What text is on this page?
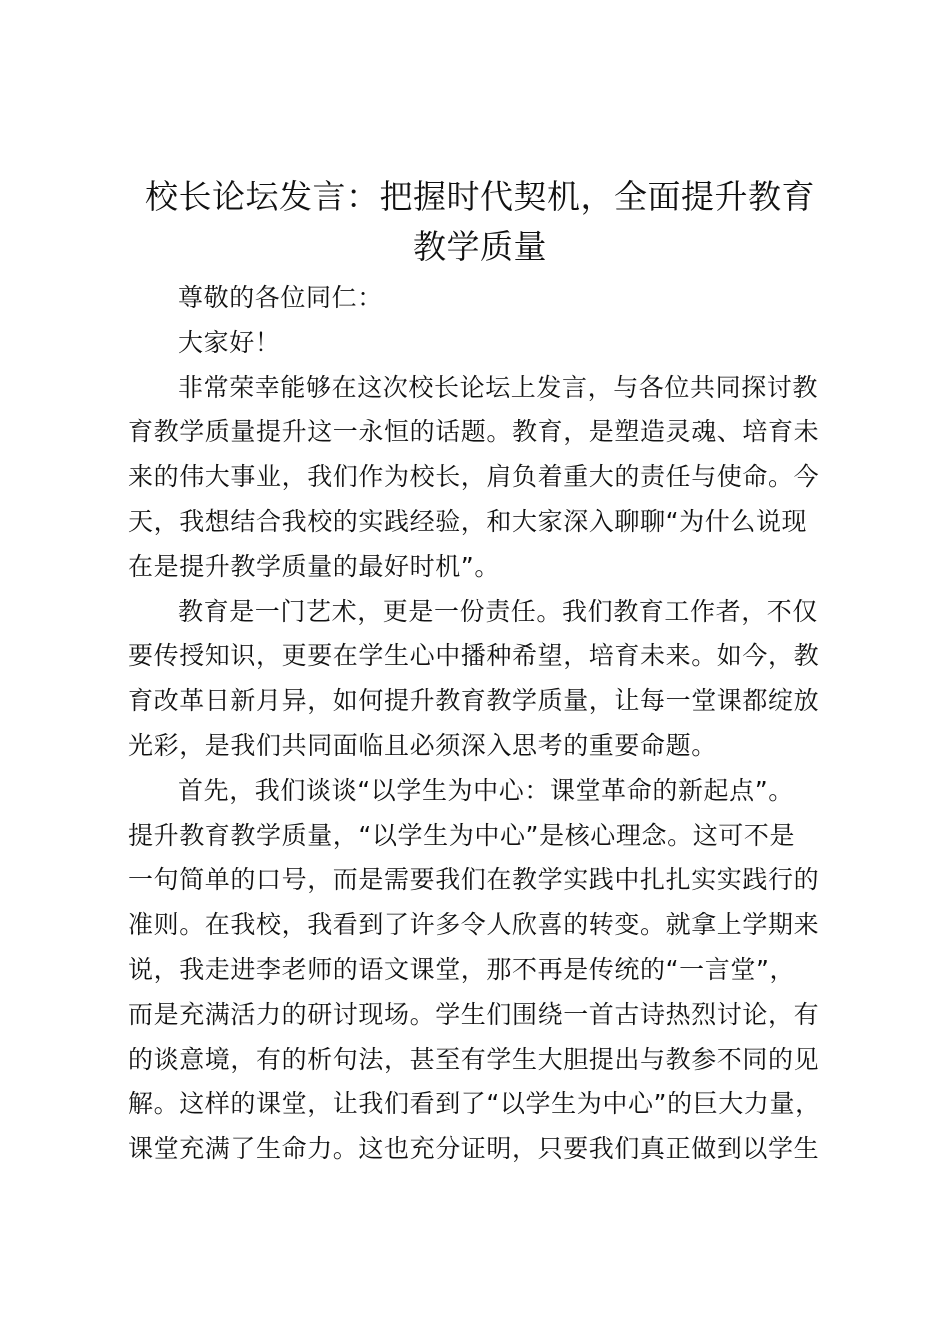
校长论坛发言：把握时代契机，全面提升教育
教学质量

尊敬的各位同仁：

大家好！

非常荣幸能够在这次校长论坛上发言，与各位共同探讨教
育教学质量提升这一永恒的话题。教育，是塑造灵魂、培育未
来的伟大事业，我们作为校长，肩负着重大的责任与使命。今
天，我想结合我校的实践经验，和大家深入聊聊“为什么说现
在是提升教学质量的最好时机”。

教育是一门艺术，更是一份责任。我们教育工作者，不仅
要传授知识，更要在学生心中播种希望，培育未来。如今，教
育改革日新月异，如何提升教育教学质量，让每一堂课都绽放
光彩，是我们共同面临且必须深入思考的重要命题。

首先，我们谈谈“以学生为中心：课堂革命的新起点”。
提升教育教学质量，“以学生为中心”是核心理念。这可不是
一句简单的口号，而是需要我们在教学实践中扎扎实实践行的
准则。在我校，我看到了许多令人欣喜的转变。就拿上学期来
说，我走进李老师的语文课堂，那不再是传统的“一言堂”，
而是充满活力的研讨现场。学生们围绕一首古诗热烈讨论，有
的谈意境，有的析句法，甚至有学生大胆提出与教参不同的见
解。这样的课堂，让我们看到了“以学生为中心”的巨大力量，
课堂充满了生命力。这也充分证明，只要我们真正做到以学生
